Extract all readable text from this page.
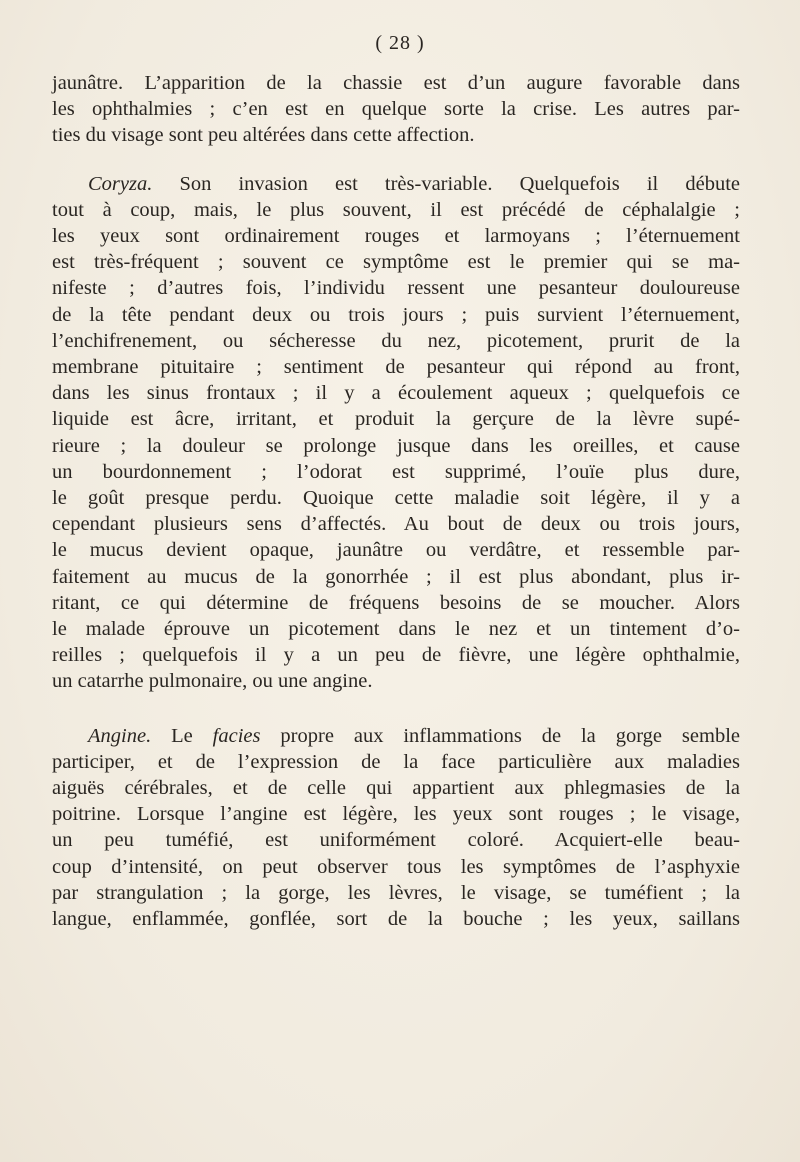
( 28 )
jaunâtre. L’apparition de la chassie est d’un augure favorable dans
les ophthalmies ; c’en est en quelque sorte la crise. Les autres par-
ties du visage sont peu altérées dans cette affection.
Coryza. Son invasion est très-variable. Quelquefois il débute
tout à coup, mais, le plus souvent, il est précédé de céphalalgie ;
les yeux sont ordinairement rouges et larmoyans ; l’éternuement
est très-fréquent ; souvent ce symptôme est le premier qui se ma-
nifeste ; d’autres fois, l’individu ressent une pesanteur douloureuse
de la tête pendant deux ou trois jours ; puis survient l’éternuement,
l’enchifrenement, ou sécheresse du nez, picotement, prurit de la
membrane pituitaire ; sentiment de pesanteur qui répond au front,
dans les sinus frontaux ; il y a écoulement aqueux ; quelquefois ce
liquide est âcre, irritant, et produit la gerçure de la lèvre supé-
rieure ; la douleur se prolonge jusque dans les oreilles, et cause
un bourdonnement ; l’odorat est supprimé, l’ouïe plus dure,
le goût presque perdu. Quoique cette maladie soit légère, il y a
cependant plusieurs sens d’affectés. Au bout de deux ou trois jours,
le mucus devient opaque, jaunâtre ou verdâtre, et ressemble par-
faitement au mucus de la gonorrhée ; il est plus abondant, plus ir-
ritant, ce qui détermine de fréquens besoins de se moucher. Alors
le malade éprouve un picotement dans le nez et un tintement d’o-
reilles ; quelquefois il y a un peu de fièvre, une légère ophthalmie,
un catarrhe pulmonaire, ou une angine.
Angine. Le facies propre aux inflammations de la gorge semble
participer, et de l’expression de la face particulière aux maladies
aiguës cérébrales, et de celle qui appartient aux phlegmasies de la
poitrine. Lorsque l’angine est légère, les yeux sont rouges ; le visage,
un peu tuméfié, est uniformément coloré. Acquiert-elle beau-
coup d’intensité, on peut observer tous les symptômes de l’asphyxie
par strangulation ; la gorge, les lèvres, le visage, se tuméfient ; la
langue, enflammée, gonflée, sort de la bouche ; les yeux, saillans
